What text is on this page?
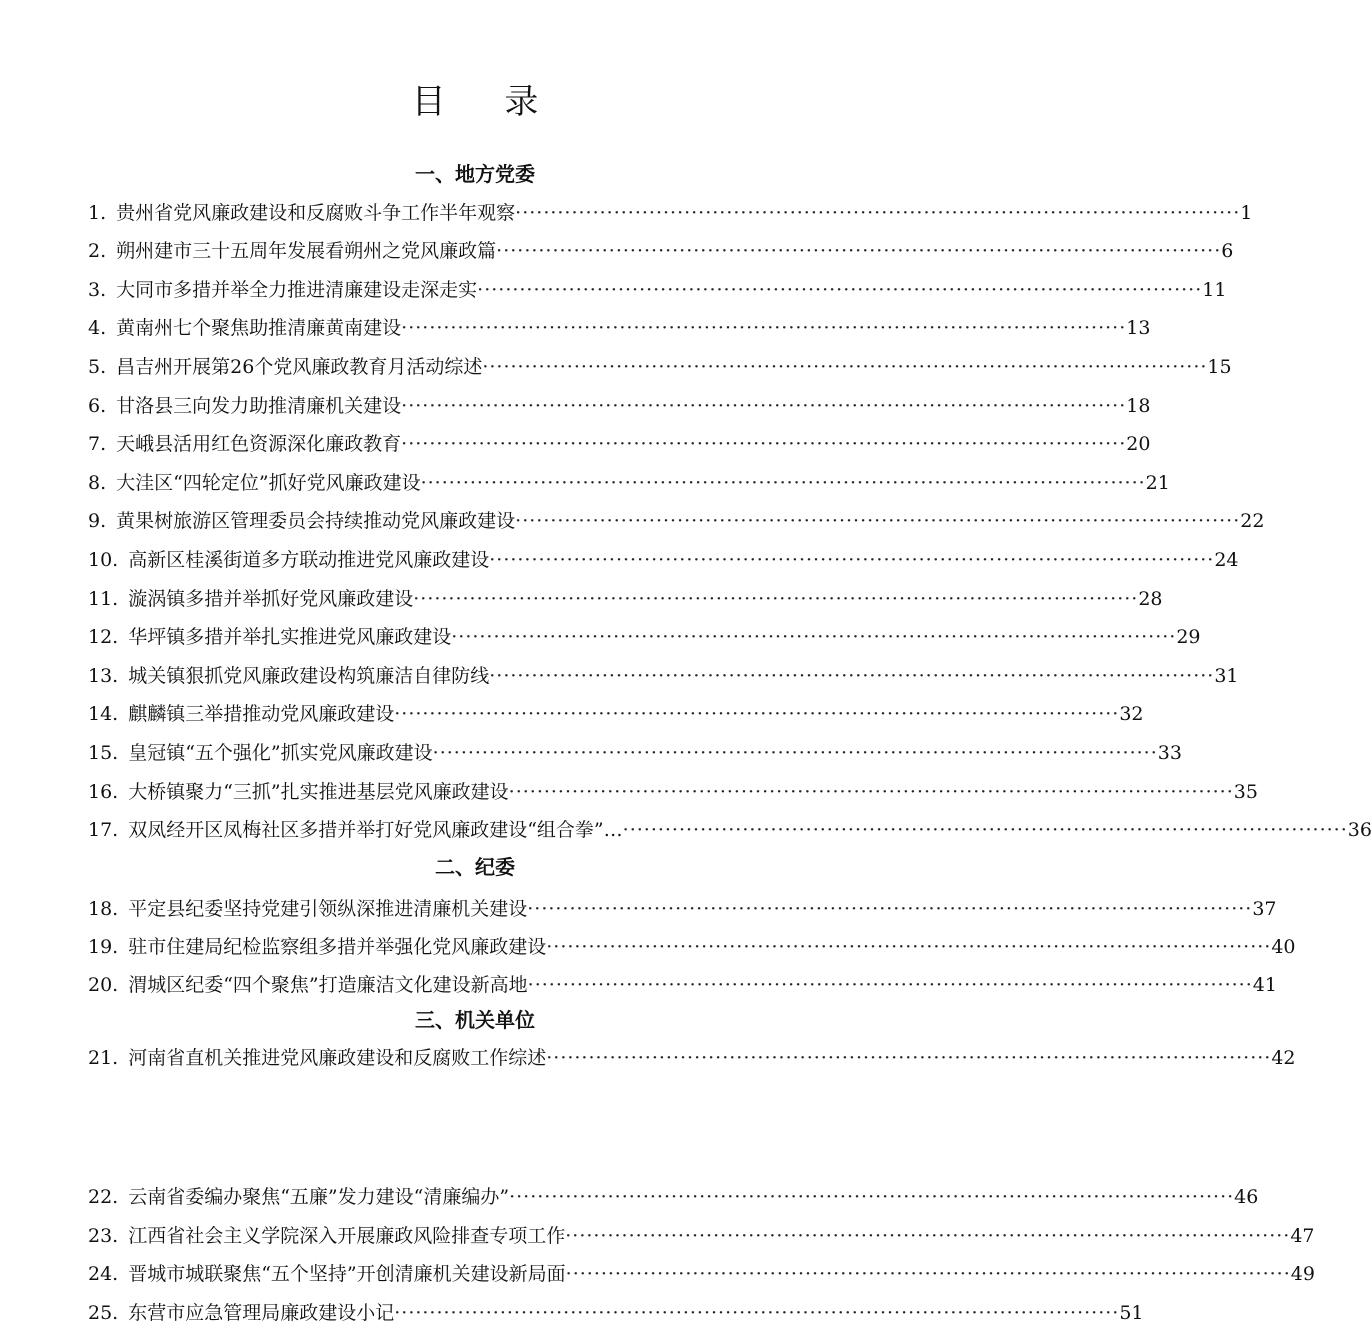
目 录
一、地方党委
1. 贵州省党风廉政建设和反腐败斗争工作半年观察 ······································································································· 1
2. 朔州建市三十五周年发展看朔州之党风廉政篇 ······································································································· 6
3. 大同市多措并举全力推进清廉建设走深走实 ······································································································· 11
4. 黄南州七个聚焦助推清廉黄南建设 ······································································································· 13
5. 昌吉州开展第26个党风廉政教育月活动综述 ······································································································· 15
6. 甘洛县三向发力助推清廉机关建设 ······································································································· 18
7. 天峨县活用红色资源深化廉政教育 ······································································································· 20
8. 大洼区“四轮定位”抓好党风廉政建设 ······································································································· 21
9. 黄果树旅游区管理委员会持续推动党风廉政建设 ······································································································· 22
10. 高新区桂溪街道多方联动推进党风廉政建设 ······································································································· 24
11. 漩涡镇多措并举抓好党风廉政建设 ······································································································· 28
12. 华坪镇多措并举扎实推进党风廉政建设 ······································································································· 29
13. 城关镇狠抓党风廉政建设构筑廉洁自律防线 ······································································································· 31
14. 麒麟镇三举措推动党风廉政建设 ······································································································· 32
15. 皇冠镇“五个强化”抓实党风廉政建设 ······································································································· 33
16. 大桥镇聚力“三抓”扎实推进基层党风廉政建设 ······································································································· 35
17. 双凤经开区凤梅社区多措并举打好党风廉政建设“组合拳”… ······································································································· 36
二、纪委
18. 平定县纪委坚持党建引领纵深推进清廉机关建设 ······································································································· 37
19. 驻市住建局纪检监察组多措并举强化党风廉政建设 ······································································································· 40
20. 渭城区纪委“四个聚焦”打造廉洁文化建设新高地 ······································································································· 41
三、机关单位
21. 河南省直机关推进党风廉政建设和反腐败工作综述 ······································································································· 42
22. 云南省委编办聚焦“五廉”发力建设“清廉编办” ······································································································· 46
23. 江西省社会主义学院深入开展廉政风险排查专项工作 ······································································································· 47
24. 晋城市城联聚焦“五个坚持”开创清廉机关建设新局面 ······································································································· 49
25. 东营市应急管理局廉政建设小记 ······································································································· 51
